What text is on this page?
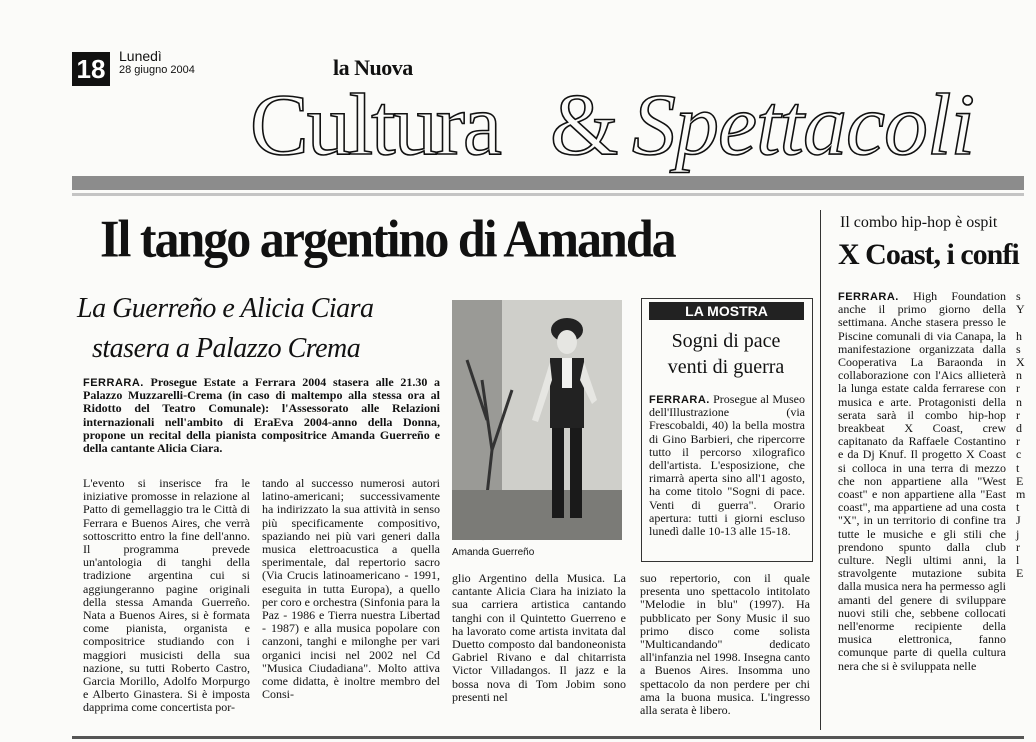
18 Lunedì
28 giugno 2004
Cultura & Spettacoli
la Nuova
Il tango argentino di Amanda
La Guerreño e Alicia Ciara
stasera a Palazzo Crema
FERRARA. Prosegue Estate a Ferrara 2004 stasera alle 21.30 a Palazzo Muzzarelli-Crema (in caso di maltempo alla stessa ora al Ridotto del Teatro Comunale): l'Assessorato alle Relazioni internazionali nell'ambito di EraEva 2004-anno della Donna, propone un recital della pianista compositrice Amanda Guerreño e della cantante Alicia Ciara.
L'evento si inserisce fra le iniziative promosse in relazione al Patto di gemellaggio tra le Città di Ferrara e Buenos Aires, che verrà sottoscritto entro la fine dell'anno. Il programma prevede un'antologia di tanghi della tradizione argentina cui si aggiungeranno pagine originali della stessa Amanda Guerreño. Nata a Buenos Aires, si è formata come pianista, organista e compositrice studiando con i maggiori musicisti della sua nazione, su tutti Roberto Castro, Garcia Morillo, Adolfo Morpurgo e Alberto Ginastera. Si è imposta dapprima come concertista por-
tando al successo numerosi autori latino-americani; successivamente ha indirizzato la sua attività in senso più specificamente compositivo, spaziando nei più vari generi dalla musica elettroacustica a quella sperimentale, dal repertorio sacro (Via Crucis latinoamericano - 1991, eseguita in tutta Europa), a quello per coro e orchestra (Sinfonia para la Paz - 1986 e Tierra nuestra Libertad - 1987) e alla musica popolare con canzoni, tanghi e milonghe per vari organici incisi nel 2002 nel Cd "Musica Ciudadiana". Molto attiva come didatta, è inoltre membro del Consi-
Amanda Guerreño
LA MOSTRA
Sogni di pace
venti di guerra
FERRARA. Prosegue al Museo dell'Illustrazione (via Frescobaldi, 40) la bella mostra di Gino Barbieri, che ripercorre tutto il percorso xilografico dell'artista. L'esposizione, che rimarrà aperta sino all'1 agosto, ha come titolo "Sogni di pace. Venti di guerra". Orario apertura: tutti i giorni escluso lunedì dalle 10-13 alle 15-18.
glio Argentino della Musica. La cantante Alicia Ciara ha iniziato la sua carriera artistica cantando tanghi con il Quintetto Guerreno e ha lavorato come artista invitata dal Duetto composto dal bandoneonista Gabriel Rivano e dal chitarrista Victor Villadangos. Il jazz e la bossa nova di Tom Jobim sono presenti nel
suo repertorio, con il quale presenta uno spettacolo intitolato "Melodie in blu" (1997). Ha pubblicato per Sony Music il suo primo disco come solista "Multicandando" dedicato all'infanzia nel 1998. Insegna canto a Buenos Aires. Insomma uno spettacolo da non perdere per chi ama la buona musica. L'ingresso alla serata è libero.
Il combo hip-hop è ospit
X Coast, i confi
FERRARA. High Foundation anche il primo giorno della settimana. Anche stasera presso le Piscine comunali di via Canapa, la manifestazione organizzata dalla Cooperativa La Baraonda in collaborazione con l'Aics allieterà la lunga estate calda ferrarese con musica e arte. Protagonisti della serata sarà il combo hip-hop breakbeat X Coast, crew capitanato da Raffaele Costantino e da Dj Knuf. Il progetto X Coast si colloca in una terra di mezzo che non appartiene alla "West coast" e non appartiene alla "East coast", ma appartiene ad una costa "X", in un territorio di confine tra tutte le musiche e gli stili che prendono spunto dalla club culture. Negli ultimi anni, la stravolgente mutazione subita dalla musica nera ha permesso agli amanti del genere di sviluppare nuovi stili che, sebbene collocati nell'enorme recipiente della musica elettronica, fanno comunque parte di quella cultura nera che si è sviluppata nelle
s
Y

h
s
X
n
r
n
r
d
r
c
t
E
m
t
J
j
r
l
E
